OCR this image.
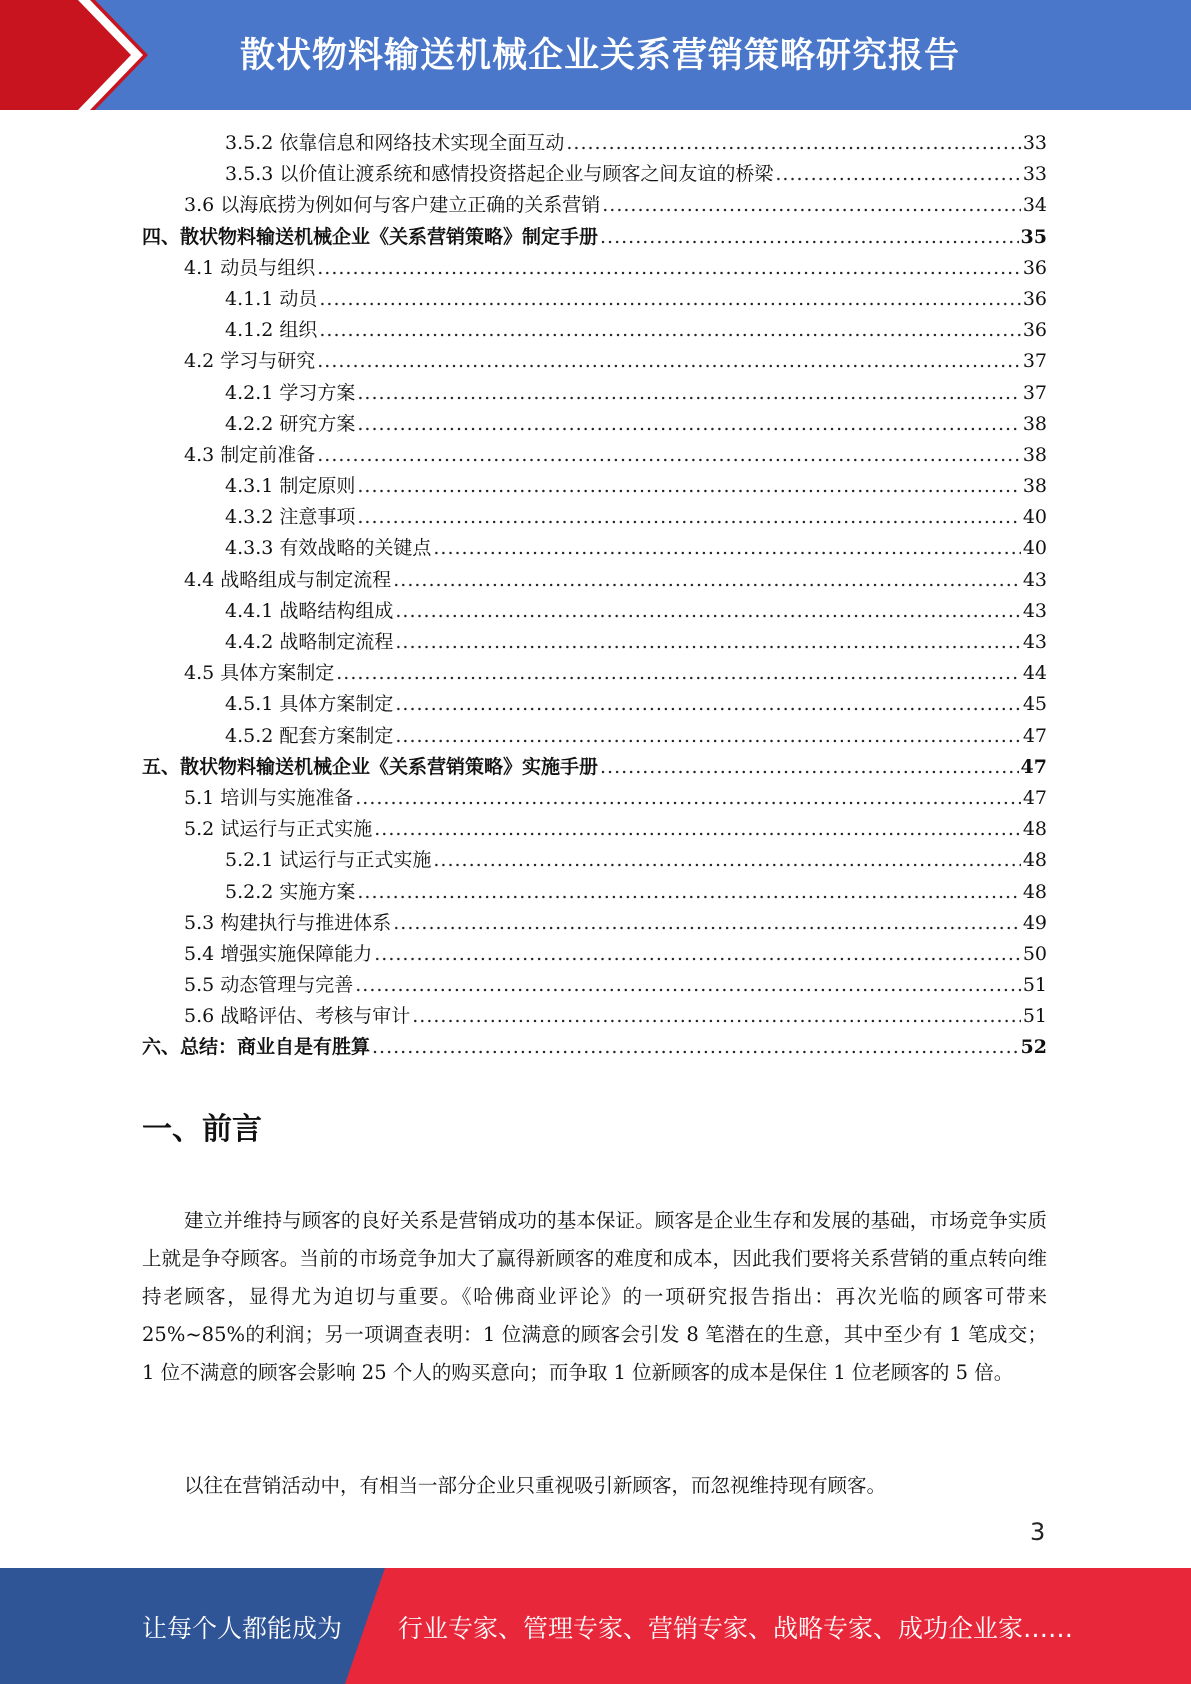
散状物料输送机械企业关系营销策略研究报告
3.5.2 依靠信息和网络技术实现全面互动 .....	33
3.5.3 以价值让渡系统和感情投资搭起企业与顾客之间友谊的桥梁 .....	33
3.6 以海底捞为例如何与客户建立正确的关系营销 .....	34
四、散状物料输送机械企业《关系营销策略》制定手册 .....	35
4.1 动员与组织 .....	36
4.1.1 动员 .....	36
4.1.2 组织 .....	36
4.2 学习与研究 .....	37
4.2.1 学习方案 .....	37
4.2.2 研究方案 .....	38
4.3 制定前准备 .....	38
4.3.1 制定原则 .....	38
4.3.2 注意事项 .....	40
4.3.3 有效战略的关键点 .....	40
4.4 战略组成与制定流程 .....	43
4.4.1 战略结构组成 .....	43
4.4.2 战略制定流程 .....	43
4.5 具体方案制定 .....	44
4.5.1 具体方案制定 .....	45
4.5.2 配套方案制定 .....	47
五、散状物料输送机械企业《关系营销策略》实施手册 .....	47
5.1 培训与实施准备 .....	47
5.2 试运行与正式实施 .....	48
5.2.1 试运行与正式实施 .....	48
5.2.2 实施方案 .....	48
5.3 构建执行与推进体系 .....	49
5.4 增强实施保障能力 .....	50
5.5 动态管理与完善 .....	51
5.6 战略评估、考核与审计 .....	51
六、总结：商业自是有胜算 .....	52
一、前言

建立并维持与顾客的良好关系是营销成功的基本保证。顾客是企业生存和发展的基础，市场竞争实质上就是争夺顾客。当前的市场竞争加大了赢得新顾客的难度和成本，因此我们要将关系营销的重点转向维持老顾客，显得尤为迫切与重要。《哈佛商业评论》的一项研究报告指出：再次光临的顾客可带来 25%~85%的利润；另一项调查表明：1 位满意的顾客会引发 8 笔潜在的生意，其中至少有 1 笔成交；1 位不满意的顾客会影响 25 个人的购买意向；而争取 1 位新顾客的成本是保住 1 位老顾客的 5 倍。

以往在营销活动中，有相当一部分企业只重视吸引新顾客，而忽视维持现有顾客。

3
让每个人都能成为 行业专家、管理专家、营销专家、战略专家、成功企业家……
